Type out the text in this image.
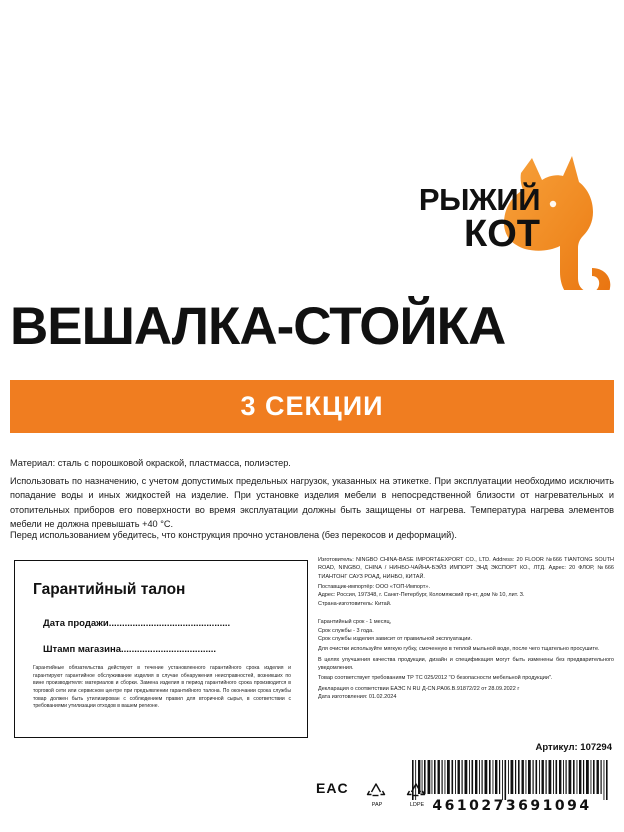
РЫЖИЙ
КОТ
ВЕШАЛКА-СТОЙКА
3 СЕКЦИИ
Материал: сталь с порошковой окраской, пластмасса, полиэстер.
Использовать по назначению, с учетом допустимых предельных нагрузок, указанных на этикетке. При эксплуатации необходимо исключить попадание воды и иных жидкостей на изделие. При установке изделия мебели в непосредственной близости от нагревательных и отопительных приборов его поверхности во время эксплуатации должны быть защищены от нагрева. Температура нагрева элементов мебели не должна превышать +40 °С.
Перед использованием убедитесь, что конструкция прочно установлена (без перекосов и деформаций).
Гарантийный талон
Дата продажи..............................................
Штамп магазина....................................
Гарантийные обязательства действуют в течение установленного гарантийного срока изделия и гарантируют гарантийное обслуживание изделия в случае обнаружения неисправностей, возникших по вине производителя: материалов и сборки. Замена изделия в период гарантийного срока производится в торговой сети или сервисном центре при предъявлении гарантийного талона. По окончании срока службы товар должен быть утилизирован с соблюдением правил для вторичной сырья, в соответствии с требованиями утилизации отходов в вашем регионе.

Изготовитель: NINGBO CHINA-BASE IMPORT&EXPORT CO., LTD. Address: 20 FLOOR №666 TIANTONG SOUTH ROAD, NINGBO, CHINA / НИНБО-ЧАЙНА-БЭЙЗ ИМПОРТ ЭНД ЭКСПОРТ КО., ЛТД. Адрес: 20 ФЛОР, №666 ТИАНТОНГ САУЗ РОАД, НИНБО, КИТАЙ.

Поставщик-импортёр: ООО «ТОП-Импорт».

Адрес: Россия, 197348, г. Санкт-Петербург, Коломяжский пр-кт, дом № 10, лит. З.

Страна-изготовитель: Китай.

Гарантийный срок - 1 месяц,

Срок службы - 3 года.

Срок службы изделия зависит от правильной эксплуатации.

Для очистки используйте мягкую губку, смоченную в теплой мыльной воде, после чего тщательно просушите.

В целях улучшения качества продукции, дизайн и спецификация могут быть изменены без предварительного уведомления.

Товар соответствует требованиям ТР ТС 025/2012 "О безопасности мебельной продукции".

Декларация о соответствии ЕАЭС N RU Д-CN.РА06.B.91872/22 от 28.09.2022 г

Дата изготовления: 01.02.2024

Артикул: 107294
4610273691094
EAC
PAP	LDPE
